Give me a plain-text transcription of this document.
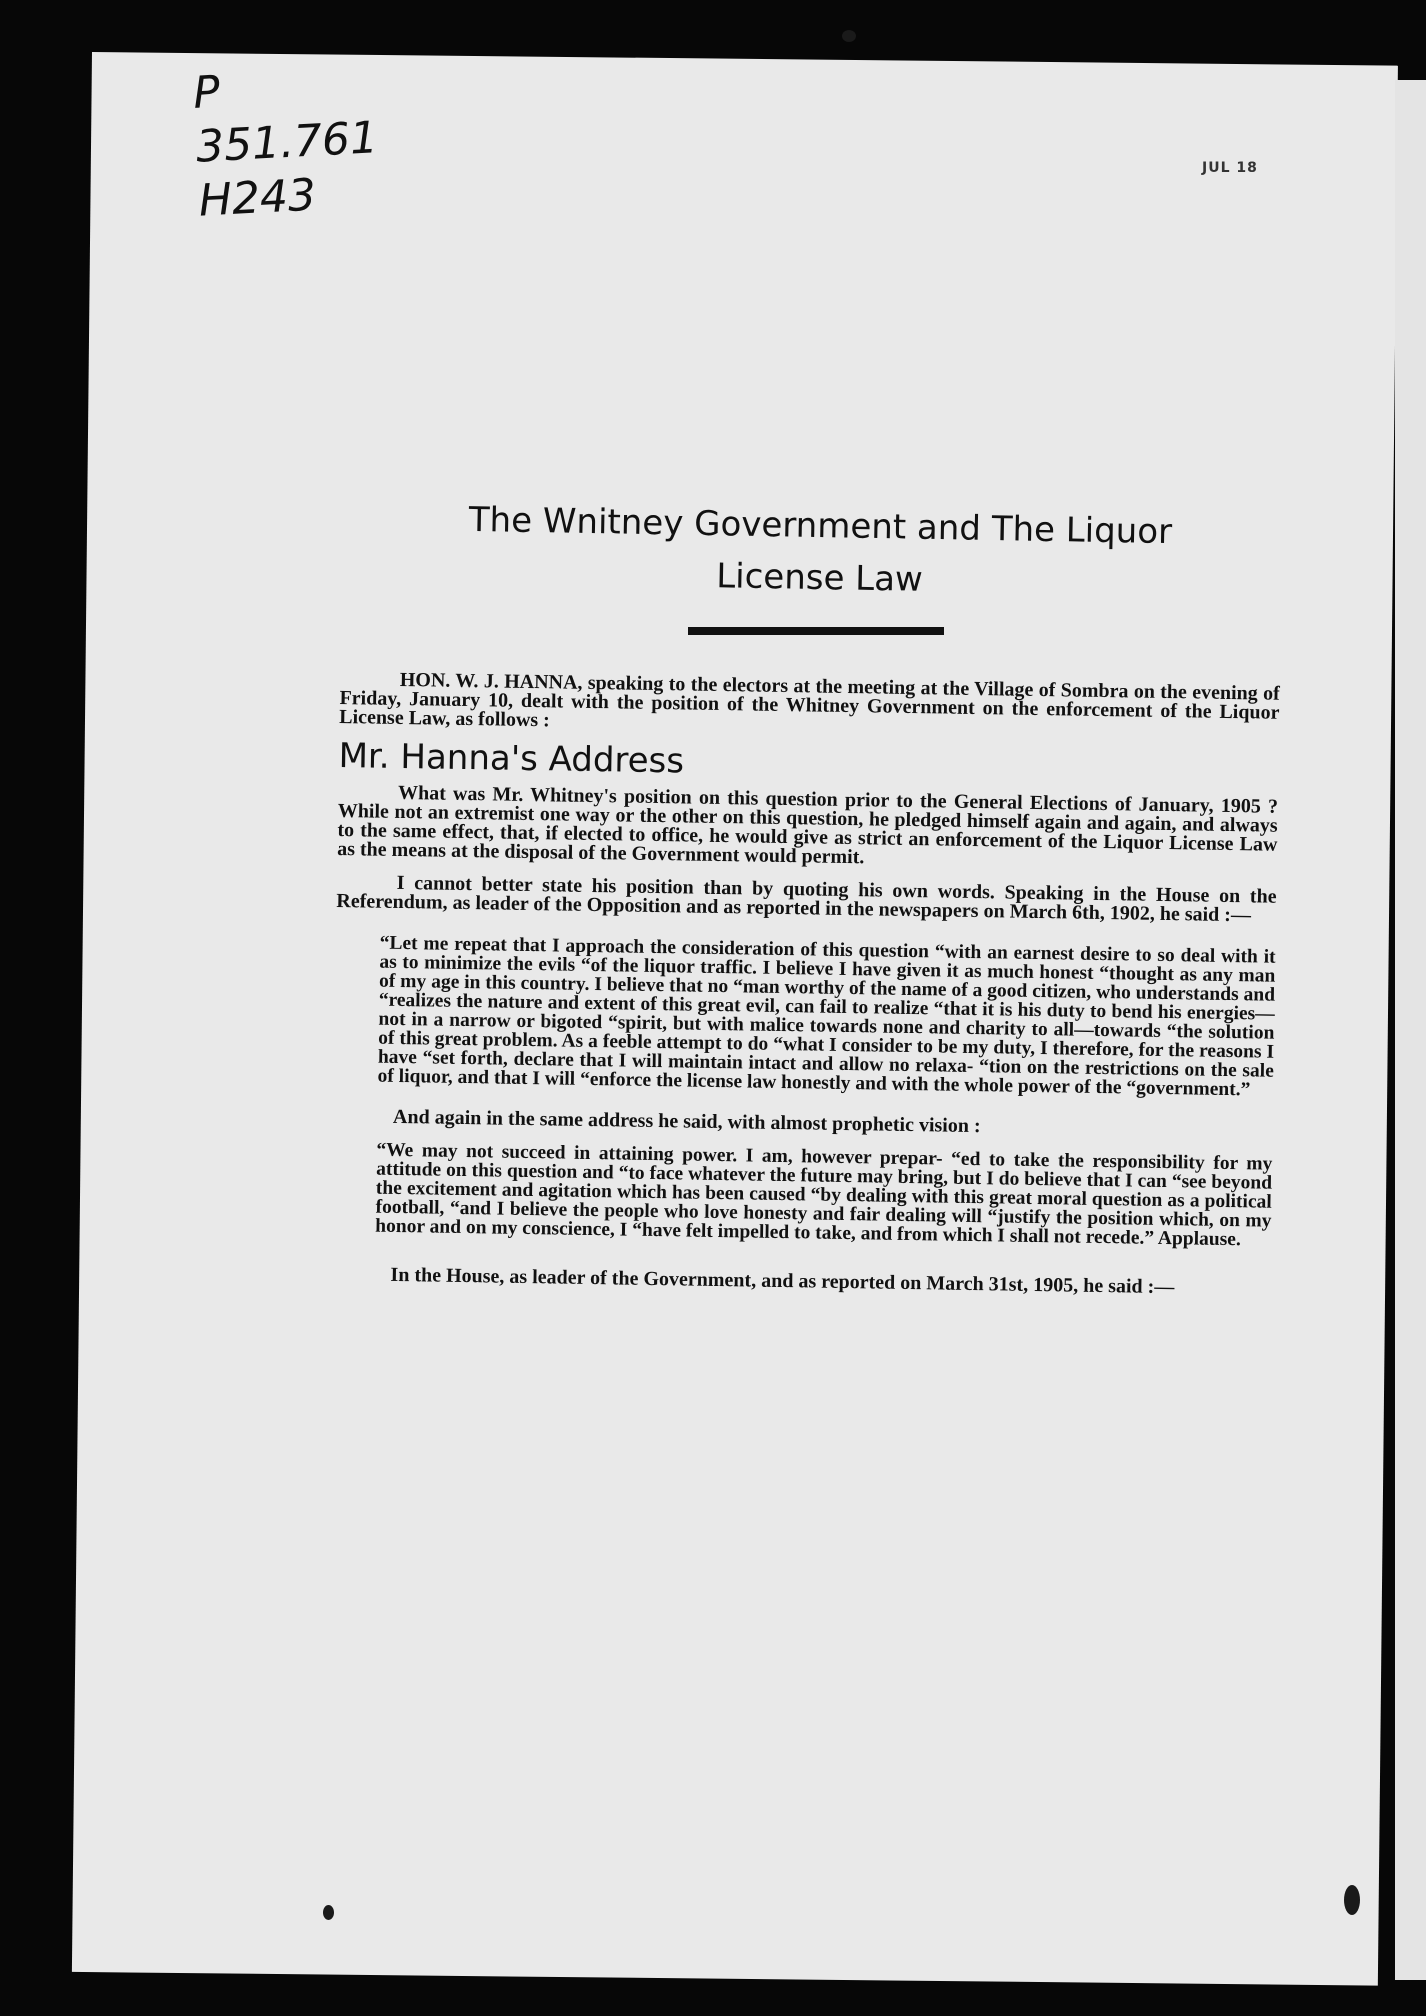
P
351.761
H243
JUL 18
The Wnitney Government and The Liquor
License Law

HON. W. J. HANNA, speaking to the electors at the meeting at the Village of Sombra on the evening of Friday, January 10, dealt with the position of the Whitney Government on the enforcement of the Liquor License Law, as follows :

Mr. Hanna's Address

What was Mr. Whitney's position on this question prior to the General Elections of January, 1905 ? While not an extremist one way or the other on this question, he pledged himself again and again, and always to the same effect, that, if elected to office, he would give as strict an enforcement of the Liquor License Law as the means at the disposal of the Government would permit.

I cannot better state his position than by quoting his own words. Speaking in the House on the Referendum, as leader of the Opposition and as reported in the newspapers on March 6th, 1902, he said :—

“Let me repeat that I approach the consideration of this question “with an earnest desire to so deal with it as to minimize the evils “of the liquor traffic. I believe I have given it as much honest “thought as any man of my age in this country. I believe that no “man worthy of the name of a good citizen, who understands and “realizes the nature and extent of this great evil, can fail to realize “that it is his duty to bend his energies—not in a narrow or bigoted “spirit, but with malice towards none and charity to all—towards “the solution of this great problem. As a feeble attempt to do “what I consider to be my duty, I therefore, for the reasons I have “set forth, declare that I will maintain intact and allow no relaxa- “tion on the restrictions on the sale of liquor, and that I will “enforce the license law honestly and with the whole power of the “government.”

And again in the same address he said, with almost prophetic vision :

“We may not succeed in attaining power. I am, however prepar- “ed to take the responsibility for my attitude on this question and “to face whatever the future may bring, but I do believe that I can “see beyond the excitement and agitation which has been caused “by dealing with this great moral question as a political football, “and I believe the people who love honesty and fair dealing will “justify the position which, on my honor and on my conscience, I “have felt impelled to take, and from which I shall not recede.” Applause.

In the House, as leader of the Government, and as reported on March 31st, 1905, he said :—
